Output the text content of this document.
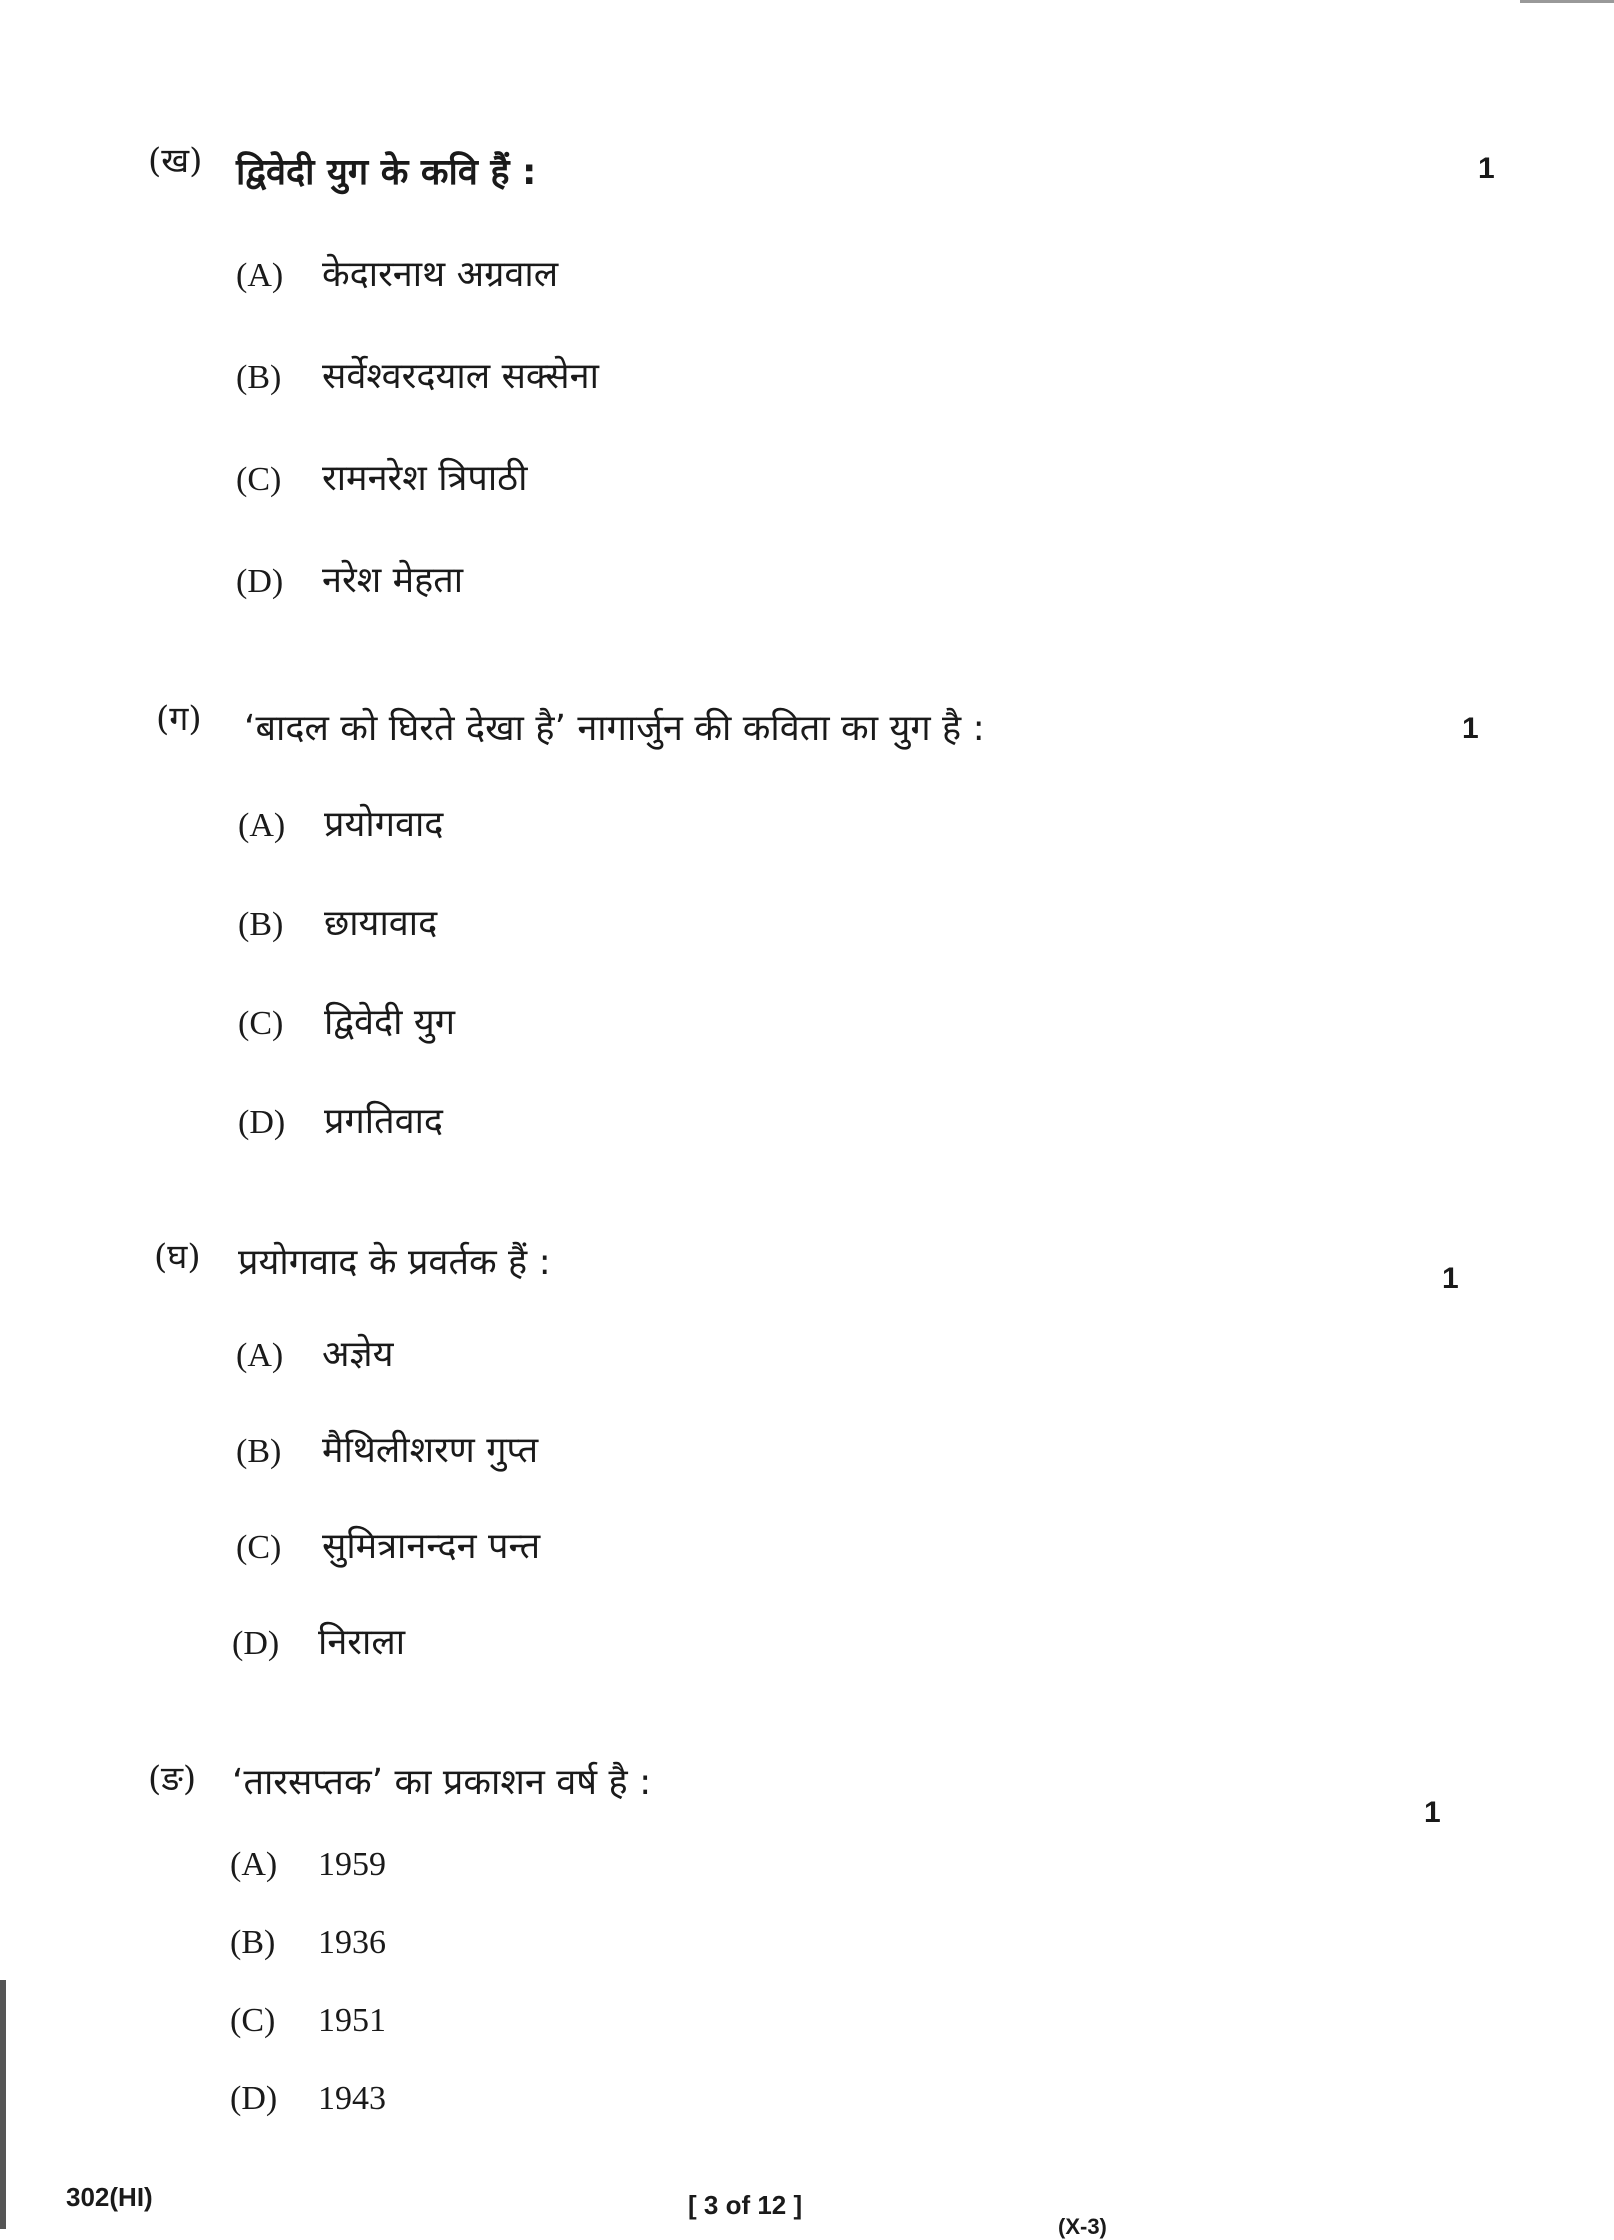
(ख) द्विवेदी युग के कवि हैं :	1
(A) केदारनाथ अग्रवाल
(B) सर्वेश्वरदयाल सक्सेना
(C) रामनरेश त्रिपाठी
(D) नरेश मेहता
(ग) ‘बादल को घिरते देखा है’ नागार्जुन की कविता का युग है :	1
(A) प्रयोगवाद
(B) छायावाद
(C) द्विवेदी युग
(D) प्रगतिवाद
(घ) प्रयोगवाद के प्रवर्तक हैं :	1
(A) अज्ञेय
(B) मैथिलीशरण गुप्त
(C) सुमित्रानन्दन पन्त
(D) निराला
(ङ) ‘तारसप्तक’ का प्रकाशन वर्ष है :
1
(A) 1959
(B) 1936
(C) 1951
(D) 1943
302(HI)	[ 3 of 12 ]
(X-3)
